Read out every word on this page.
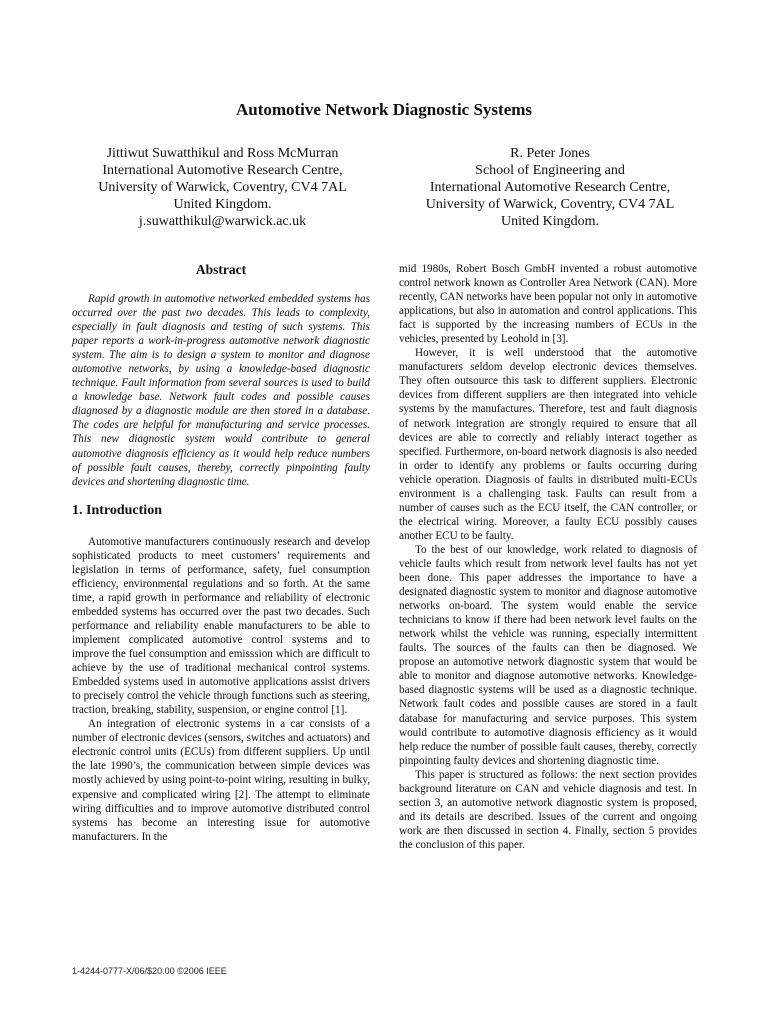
Automotive Network Diagnostic Systems
Jittiwut Suwatthikul and Ross McMurran
International Automotive Research Centre,
University of Warwick, Coventry, CV4 7AL
United Kingdom.
j.suwatthikul@warwick.ac.uk
R. Peter Jones
School of Engineering and
International Automotive Research Centre,
University of Warwick, Coventry, CV4 7AL
United Kingdom.
Abstract

Rapid growth in automotive networked embedded systems has occurred over the past two decades. This leads to complexity, especially in fault diagnosis and testing of such systems. This paper reports a work-in-progress automotive network diagnostic system. The aim is to design a system to monitor and diagnose automotive networks, by using a knowledge-based diagnostic technique. Fault information from several sources is used to build a knowledge base. Network fault codes and possible causes diagnosed by a diagnostic module are then stored in a database. The codes are helpful for manufacturing and service processes. This new diagnostic system would contribute to general automotive diagnosis efficiency as it would help reduce numbers of possible fault causes, thereby, correctly pinpointing faulty devices and shortening diagnostic time.

1. Introduction

Automotive manufacturers continuously research and develop sophisticated products to meet customers’ requirements and legislation in terms of performance, safety, fuel consumption efficiency, environmental regulations and so forth. At the same time, a rapid growth in performance and reliability of electronic embedded systems has occurred over the past two decades. Such performance and reliability enable manufacturers to be able to implement complicated automotive control systems and to improve the fuel consumption and emisssion which are difficult to achieve by the use of traditional mechanical control systems. Embedded systems used in automotive applications assist drivers to precisely control the vehicle through functions such as steering, traction, breaking, stability, suspension, or engine control [1].

An integration of electronic systems in a car consists of a number of electronic devices (sensors, switches and actuators) and electronic control units (ECUs) from different suppliers. Up until the late 1990’s, the communication between simple devices was mostly achieved by using point-to-point wiring, resulting in bulky, expensive and complicated wiring [2]. The attempt to eliminate wiring difficulties and to improve automotive distributed control systems has become an interesting issue for automotive manufacturers. In the

mid 1980s, Robert Bosch GmbH invented a robust automotive control network known as Controller Area Network (CAN). More recently, CAN networks have been popular not only in automotive applications, but also in automation and control applications. This fact is supported by the increasing numbers of ECUs in the vehicles, presented by Leohold in [3].

However, it is well understood that the automotive manufacturers seldom develop electronic devices themselves. They often outsource this task to different suppliers. Electronic devices from different suppliers are then integrated into vehicle systems by the manufactures. Therefore, test and fault diagnosis of network integration are strongly required to ensure that all devices are able to correctly and reliably interact together as specified. Furthermore, on-board network diagnosis is also needed in order to identify any problems or faults occurring during vehicle operation. Diagnosis of faults in distributed multi-ECUs environment is a challenging task. Faults can result from a number of causes such as the ECU itself, the CAN controller, or the electrical wiring. Moreover, a faulty ECU possibly causes another ECU to be faulty.

To the best of our knowledge, work related to diagnosis of vehicle faults which result from network level faults has not yet been done. This paper addresses the importance to have a designated diagnostic system to monitor and diagnose automotive networks on-board. The system would enable the service technicians to know if there had been network level faults on the network whilst the vehicle was running, especially intermittent faults. The sources of the faults can then be diagnosed. We propose an automotive network diagnostic system that would be able to monitor and diagnose automotive networks. Knowledge-based diagnostic systems will be used as a diagnostic technique. Network fault codes and possible causes are stored in a fault database for manufacturing and service purposes. This system would contribute to automotive diagnosis efficiency as it would help reduce the number of possible fault causes, thereby, correctly pinpointing faulty devices and shortening diagnostic time.

This paper is structured as follows: the next section provides background literature on CAN and vehicle diagnosis and test. In section 3, an automotive network diagnostic system is proposed, and its details are described. Issues of the current and ongoing work are then discussed in section 4. Finally, section 5 provides the conclusion of this paper.

1-4244-0777-X/06/$20.00 ©2006 IEEE
